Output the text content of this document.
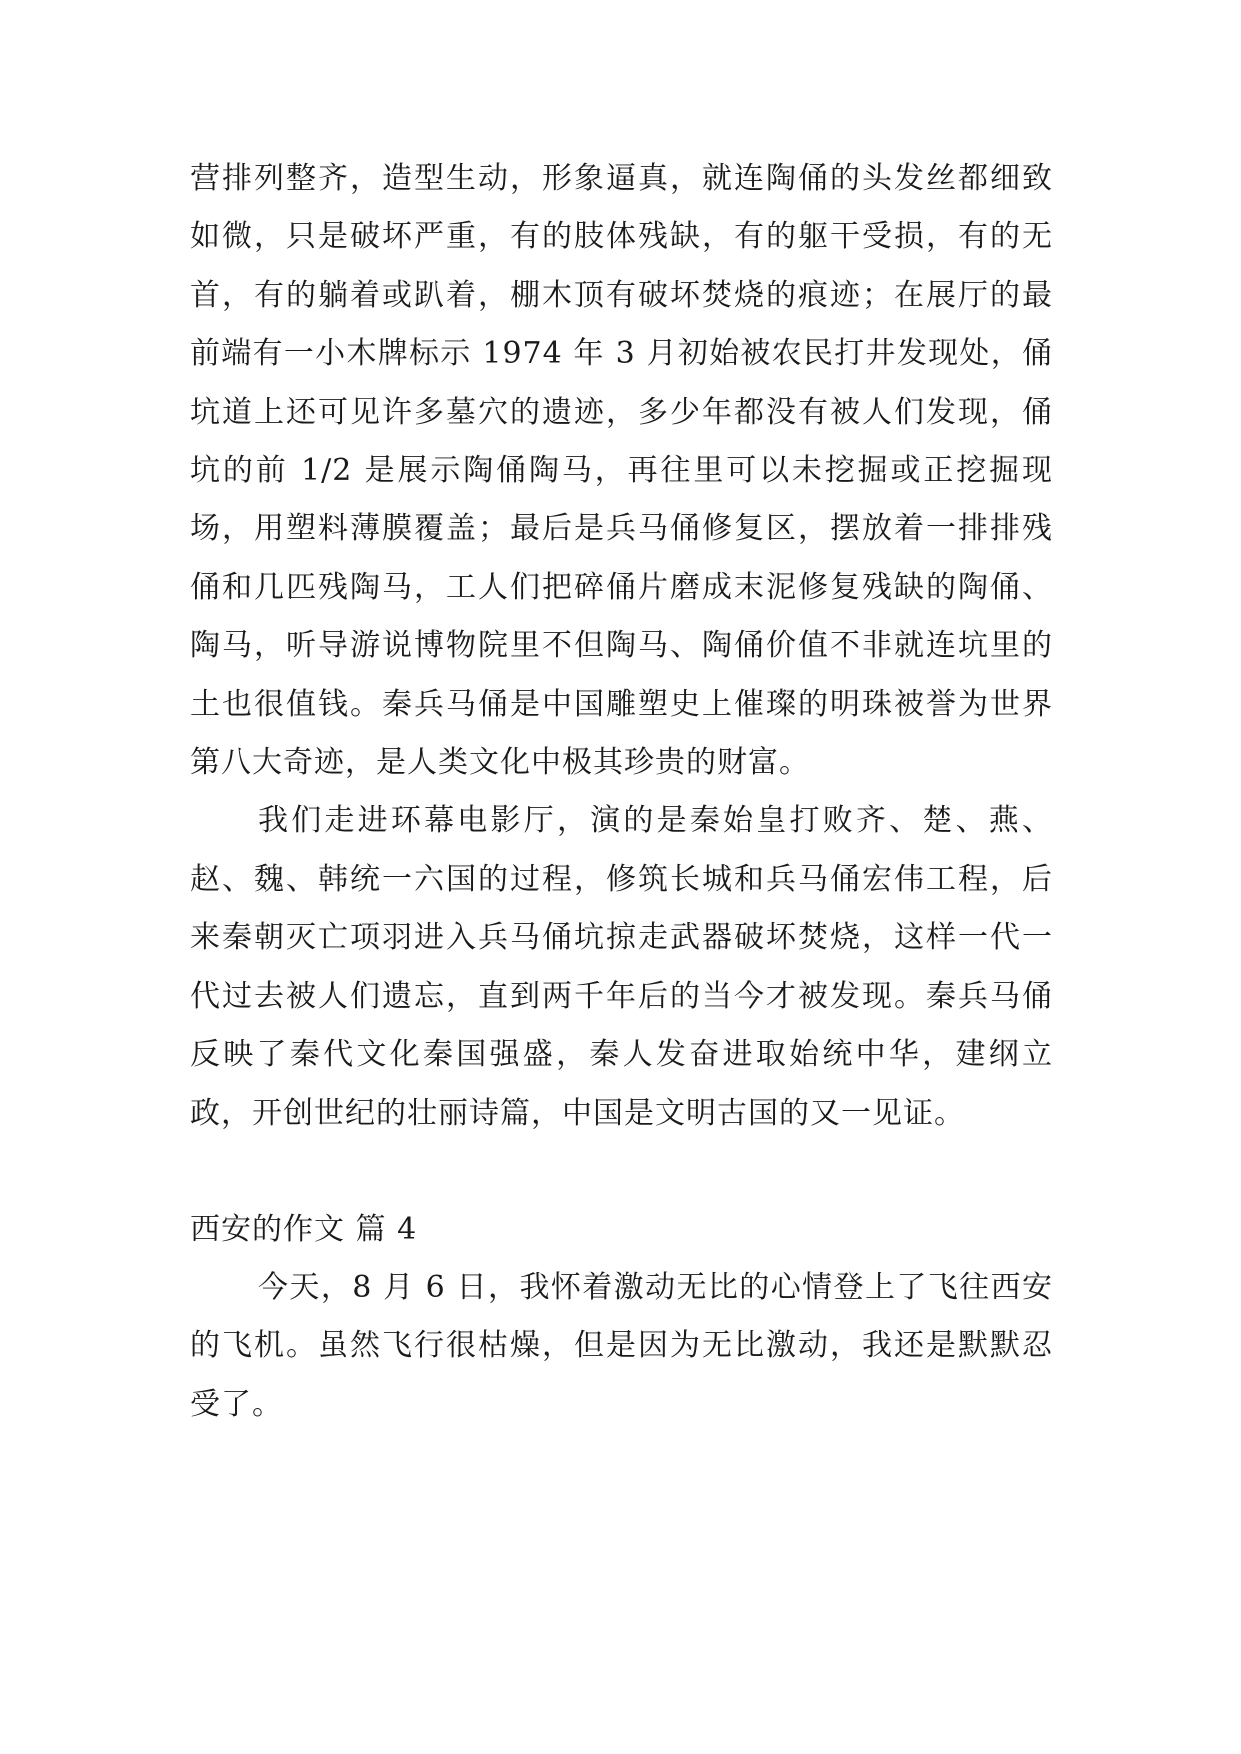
营排列整齐，造型生动，形象逼真，就连陶俑的头发丝都细致如微，只是破坏严重，有的肢体残缺，有的躯干受损，有的无首，有的躺着或趴着，棚木顶有破坏焚烧的痕迹；在展厅的最前端有一小木牌标示 1974 年 3 月初始被农民打井发现处，俑坑道上还可见许多墓穴的遗迹，多少年都没有被人们发现，俑坑的前 1/2 是展示陶俑陶马，再往里可以未挖掘或正挖掘现场，用塑料薄膜覆盖；最后是兵马俑修复区，摆放着一排排残俑和几匹残陶马，工人们把碎俑片磨成末泥修复残缺的陶俑、陶马，听导游说博物院里不但陶马、陶俑价值不非就连坑里的土也很值钱。秦兵马俑是中国雕塑史上催璨的明珠被誉为世界第八大奇迹，是人类文化中极其珍贵的财富。

我们走进环幕电影厅，演的是秦始皇打败齐、楚、燕、赵、魏、韩统一六国的过程，修筑长城和兵马俑宏伟工程，后来秦朝灭亡项羽进入兵马俑坑掠走武器破坏焚烧，这样一代一代过去被人们遗忘，直到两千年后的当今才被发现。秦兵马俑反映了秦代文化秦国强盛，秦人发奋进取始统中华，建纲立政，开创世纪的壮丽诗篇，中国是文明古国的又一见证。

西安的作文 篇 4

今天，8 月 6 日，我怀着激动无比的心情登上了飞往西安的飞机。虽然飞行很枯燥，但是因为无比激动，我还是默默忍受了。
